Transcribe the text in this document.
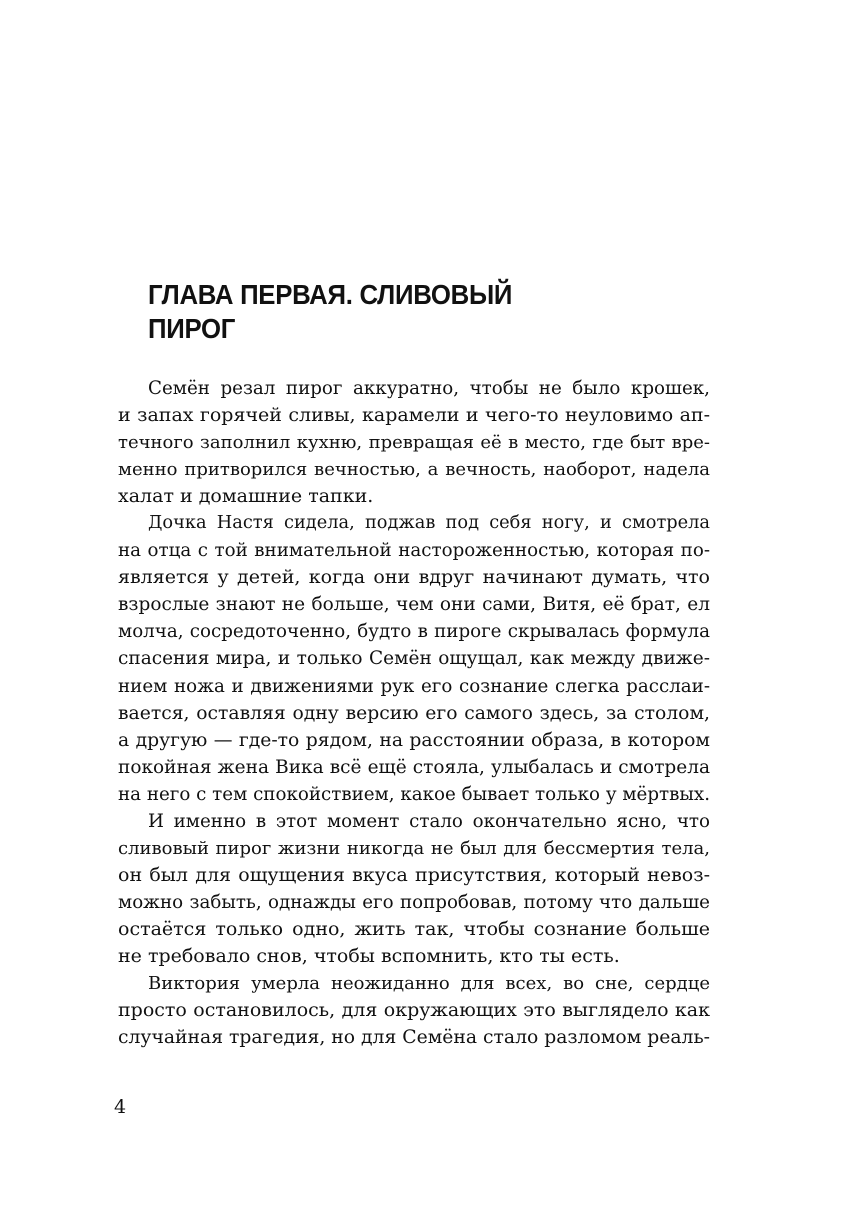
ГЛАВА ПЕРВАЯ. СЛИВОВЫЙ
ПИРОГ
Семён резал пирог аккуратно, чтобы не было крошек,
и запах горячей сливы, карамели и чего-то неуловимо ап-
течного заполнил кухню, превращая её в место, где быт вре-
менно притворился вечностью, а вечность, наоборот, надела
халат и домашние тапки.
Дочка Настя сидела, поджав под себя ногу, и смотрела
на отца с той внимательной настороженностью, которая по-
является у детей, когда они вдруг начинают думать, что
взрослые знают не больше, чем они сами, Витя, её брат, ел
молча, сосредоточенно, будто в пироге скрывалась формула
спасения мира, и только Семён ощущал, как между движе-
нием ножа и движениями рук его сознание слегка расслаи-
вается, оставляя одну версию его самого здесь, за столом,
а другую — где-то рядом, на расстоянии образа, в котором
покойная жена Вика всё ещё стояла, улыбалась и смотрела
на него с тем спокойствием, какое бывает только у мёртвых.
И именно в этот момент стало окончательно ясно, что
сливовый пирог жизни никогда не был для бессмертия тела,
он был для ощущения вкуса присутствия, который невоз-
можно забыть, однажды его попробовав, потому что дальше
остаётся только одно, жить так, чтобы сознание больше
не требовало снов, чтобы вспомнить, кто ты есть.
Виктория умерла неожиданно для всех, во сне, сердце
просто остановилось, для окружающих это выглядело как
случайная трагедия, но для Семёна стало разломом реаль-
4
